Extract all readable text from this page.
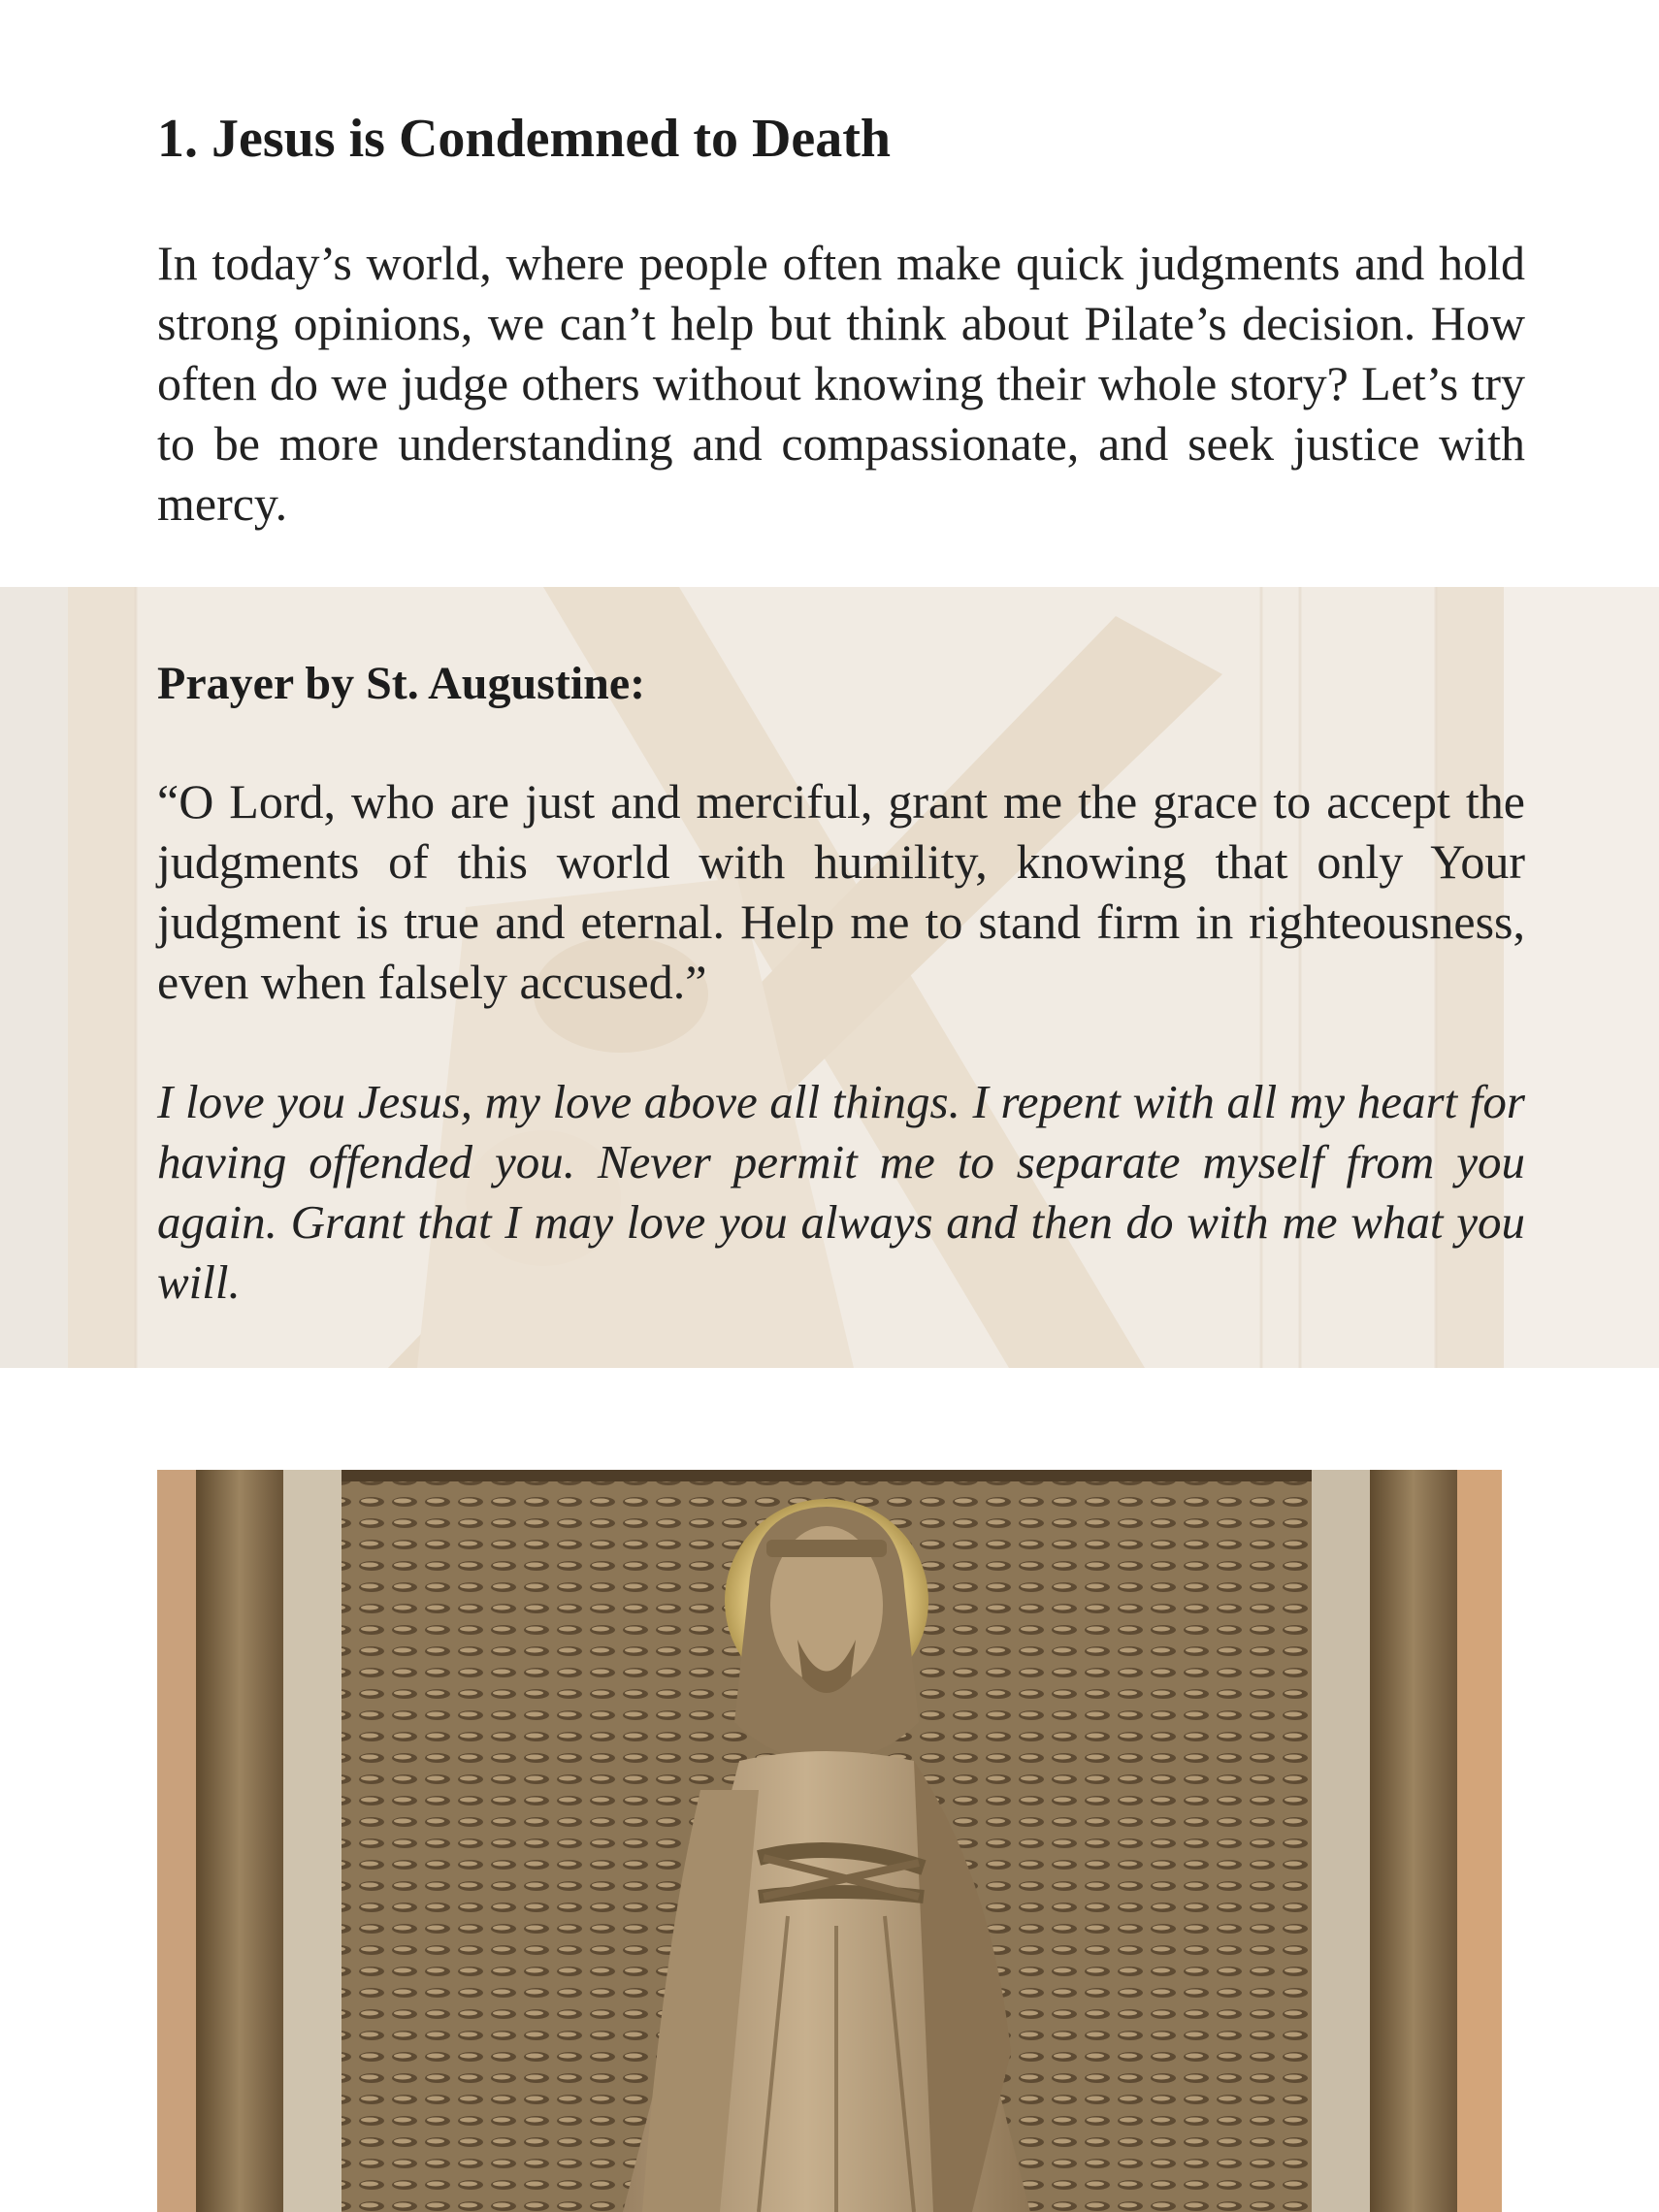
1. Jesus is Condemned to Death

In today’s world, where people often make quick judgments and hold strong opinions, we can’t help but think about Pilate’s decision. How often do we judge others without knowing their whole story? Let’s try to be more understanding and compassionate, and seek justice with mercy.

Prayer by St. Augustine:

“O Lord, who are just and merciful, grant me the grace to accept the judgments of this world with humility, knowing that only Your judgment is true and eternal. Help me to stand firm in righteousness, even when falsely accused.”

I love you Jesus, my love above all things. I repent with all my heart for having offended you. Never permit me to separate myself from you again. Grant that I may love you always and then do with me what you will.
